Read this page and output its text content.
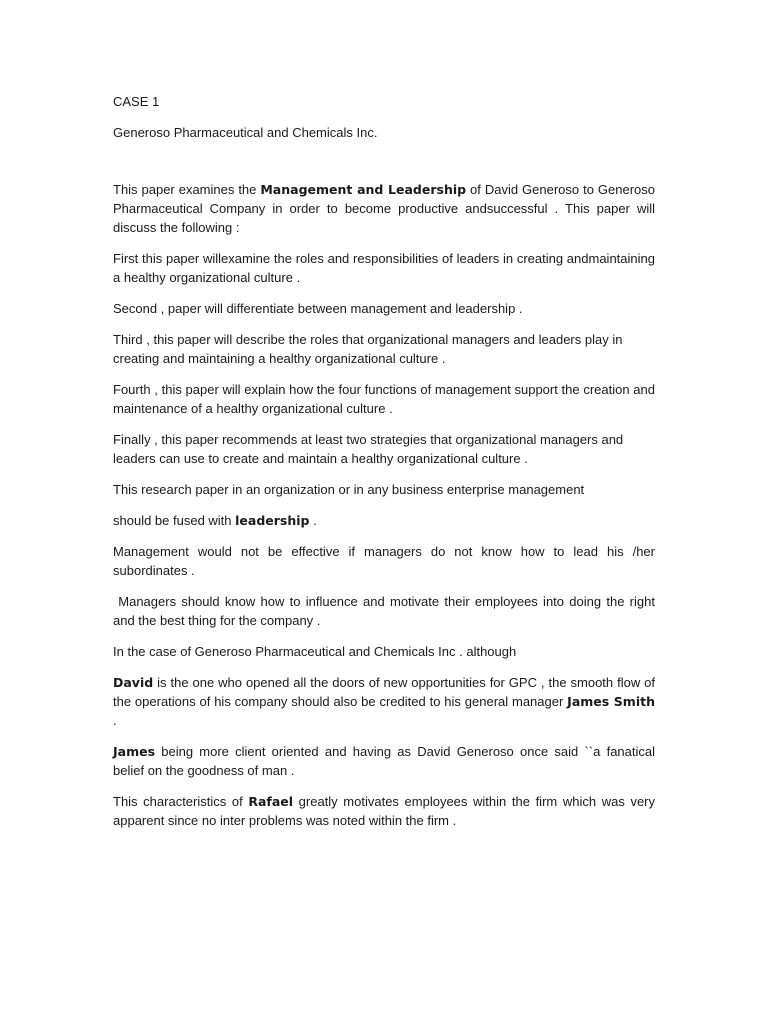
CASE 1
Generoso Pharmaceutical and Chemicals Inc.

This paper examines the Management and Leadership of David Generoso to Generoso Pharmaceutical Company in order to become productive andsuccessful . This paper will discuss the following :

First this paper willexamine the roles and responsibilities of leaders in creating andmaintaining a healthy organizational culture .

Second , paper will differentiate between management and leadership .

Third , this paper will describe the roles that organizational managers and leaders play in creating and maintaining a healthy organizational culture .

Fourth , this paper will explain how the four functions of management support the creation and maintenance of a healthy organizational culture .

Finally , this paper recommends at least two strategies that organizational managers and leaders can use to create and maintain a healthy organizational culture .

This research paper in an organization or in any business enterprise management

should be fused with leadership .

Management would not be effective if managers do not know how to lead his /her subordinates .

Managers should know how to influence and motivate their employees into doing the right and the best thing for the company .

In the case of Generoso Pharmaceutical and Chemicals Inc . although

David is the one who opened all the doors of new opportunities for GPC , the smooth flow of the operations of his company should also be credited to his general manager James Smith .

James being more client oriented and having as David Generoso once said ``a fanatical belief on the goodness of man .

This characteristics of Rafael greatly motivates employees within the firm which was very apparent since no inter problems was noted within the firm .
